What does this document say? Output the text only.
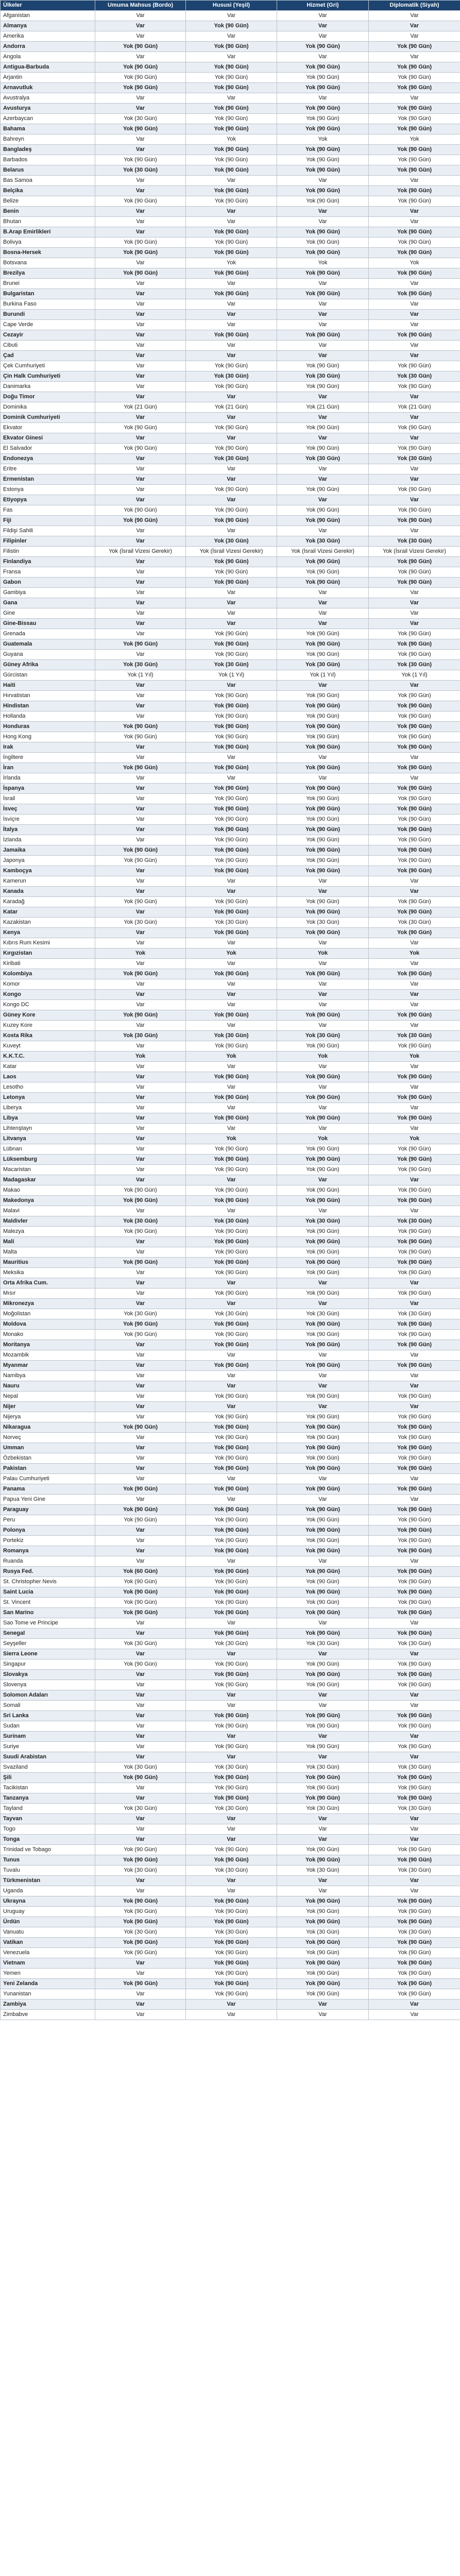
Ülkeler	Umuma Mahsus (Bordo)	Hususi (Yeşil)	Hizmet (Gri)	Diplomatik (Siyah)
Afganistan	Var	Var	Var	Var
Almanya	Var	Yok (90 Gün)	Var	Var
Amerika	Var	Var	Var	Var
Andorra	Yok (90 Gün)	Yok (90 Gün)	Yok (90 Gün)	Yok (90 Gün)
Angola	Var	Var	Var	Var
Antigua-Barbuda	Yok (90 Gün)	Yok (90 Gün)	Yok (90 Gün)	Yok (90 Gün)
Arjantin	Yok (90 Gün)	Yok (90 Gün)	Yok (90 Gün)	Yok (90 Gün)
Arnavutluk	Yok (90 Gün)	Yok (90 Gün)	Yok (90 Gün)	Yok (90 Gün)
Avustralya	Var	Var	Var	Var
Avusturya	Var	Yok (90 Gün)	Yok (90 Gün)	Yok (90 Gün)
Azerbaycan	Yok (30 Gün)	Yok (90 Gün)	Yok (90 Gün)	Yok (90 Gün)
Bahama	Yok (90 Gün)	Yok (90 Gün)	Yok (90 Gün)	Yok (90 Gün)
Bahreyn	Var	Yok	Yok	Yok
Bangladeş	Var	Yok (90 Gün)	Yok (90 Gün)	Yok (90 Gün)
Barbados	Yok (90 Gün)	Yok (90 Gün)	Yok (90 Gün)	Yok (90 Gün)
Belarus	Yok (30 Gün)	Yok (90 Gün)	Yok (90 Gün)	Yok (90 Gün)
Bas Samoa	Var	Var	Var	Var
Belçika	Var	Yok (90 Gün)	Yok (90 Gün)	Yok (90 Gün)
Belize	Yok (90 Gün)	Yok (90 Gün)	Yok (90 Gün)	Yok (90 Gün)
Benin	Var	Var	Var	Var
Bhutan	Var	Var	Var	Var
B.Arap Emirlikleri	Var	Yok (90 Gün)	Yok (90 Gün)	Yok (90 Gün)
Bolivya	Yok (90 Gün)	Yok (90 Gün)	Yok (90 Gün)	Yok (90 Gün)
Bosna-Hersek	Yok (90 Gün)	Yok (90 Gün)	Yok (90 Gün)	Yok (90 Gün)
Botsvana	Var	Yok	Yok	Yok
Brezilya	Yok (90 Gün)	Yok (90 Gün)	Yok (90 Gün)	Yok (90 Gün)
Brunei	Var	Var	Var	Var
Bulgaristan	Var	Yok (90 Gün)	Yok (90 Gün)	Yok (90 Gün)
Burkina Faso	Var	Var	Var	Var
Burundi	Var	Var	Var	Var
Cape Verde	Var	Var	Var	Var
Cezayir	Var	Yok (90 Gün)	Yok (90 Gün)	Yok (90 Gün)
Cibuti	Var	Var	Var	Var
Çad	Var	Var	Var	Var
Çek Cumhuriyeti	Var	Yok (90 Gün)	Yok (90 Gün)	Yok (90 Gün)
Çin Halk Cumhuriyeti	Var	Yok (30 Gün)	Yok (30 Gün)	Yok (30 Gün)
Danimarka	Var	Yok (90 Gün)	Yok (90 Gün)	Yok (90 Gün)
Doğu Timor	Var	Var	Var	Var
Dominika	Yok (21 Gün)	Yok (21 Gün)	Yok (21 Gün)	Yok (21 Gün)
Dominik Cumhuriyeti	Var	Var	Var	Var
Ekvator	Yok (90 Gün)	Yok (90 Gün)	Yok (90 Gün)	Yok (90 Gün)
Ekvator Ginesi	Var	Var	Var	Var
El Salvador	Yok (90 Gün)	Yok (90 Gün)	Yok (90 Gün)	Yok (90 Gün)
Endonezya	Var	Yok (30 Gün)	Yok (30 Gün)	Yok (30 Gün)
Eritre	Var	Var	Var	Var
Ermenistan	Var	Var	Var	Var
Estonya	Var	Yok (90 Gün)	Yok (90 Gün)	Yok (90 Gün)
Etiyopya	Var	Var	Var	Var
Fas	Yok (90 Gün)	Yok (90 Gün)	Yok (90 Gün)	Yok (90 Gün)
Fiji	Yok (90 Gün)	Yok (90 Gün)	Yok (90 Gün)	Yok (90 Gün)
Fildişi Sahili	Var	Var	Var	Var
Filipinler	Var	Yok (30 Gün)	Yok (30 Gün)	Yok (30 Gün)
Filistin	Yok (İsrail Vizesi Gerekir)	Yok (İsrail Vizesi Gerekir)	Yok (İsrail Vizesi Gerekir)	Yok (İsrail Vizesi Gerekir)
Finlandiya	Var	Yok (90 Gün)	Yok (90 Gün)	Yok (90 Gün)
Fransa	Var	Yok (90 Gün)	Yok (90 Gün)	Yok (90 Gün)
Gabon	Var	Yok (90 Gün)	Yok (90 Gün)	Yok (90 Gün)
Gambiya	Var	Var	Var	Var
Gana	Var	Var	Var	Var
Gine	Var	Var	Var	Var
Gine-Bissau	Var	Var	Var	Var
Grenada	Var	Yok (90 Gün)	Yok (90 Gün)	Yok (90 Gün)
Guatemala	Yok (90 Gün)	Yok (90 Gün)	Yok (90 Gün)	Yok (90 Gün)
Guyana	Var	Yok (90 Gün)	Yok (90 Gün)	Yok (90 Gün)
Güney Afrika	Yok (30 Gün)	Yok (30 Gün)	Yok (30 Gün)	Yok (30 Gün)
Gürcistan	Yok (1 Yıl)	Yok (1 Yıl)	Yok (1 Yıl)	Yok (1 Yıl)
Haiti	Var	Var	Var	Var
Hırvatistan	Var	Yok (90 Gün)	Yok (90 Gün)	Yok (90 Gün)
Hindistan	Var	Yok (90 Gün)	Yok (90 Gün)	Yok (90 Gün)
Hollanda	Var	Yok (90 Gün)	Yok (90 Gün)	Yok (90 Gün)
Honduras	Yok (90 Gün)	Yok (90 Gün)	Yok (90 Gün)	Yok (90 Gün)
Hong Kong	Yok (90 Gün)	Yok (90 Gün)	Yok (90 Gün)	Yok (90 Gün)
Irak	Var	Yok (90 Gün)	Yok (90 Gün)	Yok (90 Gün)
İngiltere	Var	Var	Var	Var
İran	Yok (90 Gün)	Yok (90 Gün)	Yok (90 Gün)	Yok (90 Gün)
İrlanda	Var	Var	Var	Var
İspanya	Var	Yok (90 Gün)	Yok (90 Gün)	Yok (90 Gün)
İsrail	Var	Yok (90 Gün)	Yok (90 Gün)	Yok (90 Gün)
İsveç	Var	Yok (90 Gün)	Yok (90 Gün)	Yok (90 Gün)
İsviçre	Var	Yok (90 Gün)	Yok (90 Gün)	Yok (90 Gün)
İtalya	Var	Yok (90 Gün)	Yok (90 Gün)	Yok (90 Gün)
İzlanda	Var	Yok (90 Gün)	Yok (90 Gün)	Yok (90 Gün)
Jamaika	Yok (90 Gün)	Yok (90 Gün)	Yok (90 Gün)	Yok (90 Gün)
Japonya	Yok (90 Gün)	Yok (90 Gün)	Yok (90 Gün)	Yok (90 Gün)
Kamboçya	Var	Yok (90 Gün)	Yok (90 Gün)	Yok (90 Gün)
Kamerun	Var	Var	Var	Var
Kanada	Var	Var	Var	Var
Karadağ	Yok (90 Gün)	Yok (90 Gün)	Yok (90 Gün)	Yok (90 Gün)
Katar	Var	Yok (90 Gün)	Yok (90 Gün)	Yok (90 Gün)
Kazakistan	Yok (30 Gün)	Yok (30 Gün)	Yok (30 Gün)	Yok (30 Gün)
Kenya	Var	Yok (90 Gün)	Yok (90 Gün)	Yok (90 Gün)
Kıbrıs Rum Kesimi	Var	Var	Var	Var
Kırgızistan	Yok	Yok	Yok	Yok
Kiribati	Var	Var	Var	Var
Kolombiya	Yok (90 Gün)	Yok (90 Gün)	Yok (90 Gün)	Yok (90 Gün)
Komor	Var	Var	Var	Var
Kongo	Var	Var	Var	Var
Kongo DC	Var	Var	Var	Var
Güney Kore	Yok (90 Gün)	Yok (90 Gün)	Yok (90 Gün)	Yok (90 Gün)
Kuzey Kore	Var	Var	Var	Var
Kosta Rika	Yok (30 Gün)	Yok (30 Gün)	Yok (30 Gün)	Yok (30 Gün)
Kuveyt	Var	Yok (90 Gün)	Yok (90 Gün)	Yok (90 Gün)
K.K.T.C.	Yok	Yok	Yok	Yok
Katar	Var	Var	Var	Var
Laos	Var	Yok (90 Gün)	Yok (90 Gün)	Yok (90 Gün)
Lesotho	Var	Var	Var	Var
Letonya	Var	Yok (90 Gün)	Yok (90 Gün)	Yok (90 Gün)
Liberya	Var	Var	Var	Var
Libya	Var	Yok (90 Gün)	Yok (90 Gün)	Yok (90 Gün)
Lihtenştayn	Var	Var	Var	Var
Litvanya	Var	Yok	Yok	Yok
Lübnan	Var	Yok (90 Gün)	Yok (90 Gün)	Yok (90 Gün)
Lüksemburg	Var	Yok (90 Gün)	Yok (90 Gün)	Yok (90 Gün)
Macaristan	Var	Yok (90 Gün)	Yok (90 Gün)	Yok (90 Gün)
Madagaskar	Var	Var	Var	Var
Makao	Yok (90 Gün)	Yok (90 Gün)	Yok (90 Gün)	Yok (90 Gün)
Makedonya	Yok (90 Gün)	Yok (90 Gün)	Yok (90 Gün)	Yok (90 Gün)
Malavi	Var	Var	Var	Var
Maldivler	Yok (30 Gün)	Yok (30 Gün)	Yok (30 Gün)	Yok (30 Gün)
Malezya	Yok (90 Gün)	Yok (90 Gün)	Yok (90 Gün)	Yok (90 Gün)
Mali	Var	Yok (90 Gün)	Yok (90 Gün)	Yok (90 Gün)
Malta	Var	Yok (90 Gün)	Yok (90 Gün)	Yok (90 Gün)
Mauritius	Yok (90 Gün)	Yok (90 Gün)	Yok (90 Gün)	Yok (90 Gün)
Meksika	Var	Yok (90 Gün)	Yok (90 Gün)	Yok (90 Gün)
Orta Afrika Cum.	Var	Var	Var	Var
Mısır	Var	Yok (90 Gün)	Yok (90 Gün)	Yok (90 Gün)
Mikronezya	Var	Var	Var	Var
Moğolistan	Yok (30 Gün)	Yok (30 Gün)	Yok (30 Gün)	Yok (30 Gün)
Moldova	Yok (90 Gün)	Yok (90 Gün)	Yok (90 Gün)	Yok (90 Gün)
Monako	Yok (90 Gün)	Yok (90 Gün)	Yok (90 Gün)	Yok (90 Gün)
Moritanya	Var	Yok (90 Gün)	Yok (90 Gün)	Yok (90 Gün)
Mozambik	Var	Var	Var	Var
Myanmar	Var	Yok (90 Gün)	Yok (90 Gün)	Yok (90 Gün)
Namibya	Var	Var	Var	Var
Nauru	Var	Var	Var	Var
Nepal	Var	Yok (90 Gün)	Yok (90 Gün)	Yok (90 Gün)
Nijer	Var	Var	Var	Var
Nijerya	Var	Yok (90 Gün)	Yok (90 Gün)	Yok (90 Gün)
Nikaragua	Yok (90 Gün)	Yok (90 Gün)	Yok (90 Gün)	Yok (90 Gün)
Norveç	Var	Yok (90 Gün)	Yok (90 Gün)	Yok (90 Gün)
Umman	Var	Yok (90 Gün)	Yok (90 Gün)	Yok (90 Gün)
Özbekistan	Var	Yok (90 Gün)	Yok (90 Gün)	Yok (90 Gün)
Pakistan	Var	Yok (90 Gün)	Yok (90 Gün)	Yok (90 Gün)
Palau Cumhuriyeti	Var	Var	Var	Var
Panama	Yok (90 Gün)	Yok (90 Gün)	Yok (90 Gün)	Yok (90 Gün)
Papua Yeni Gine	Var	Var	Var	Var
Paraguay	Yok (90 Gün)	Yok (90 Gün)	Yok (90 Gün)	Yok (90 Gün)
Peru	Yok (90 Gün)	Yok (90 Gün)	Yok (90 Gün)	Yok (90 Gün)
Polonya	Var	Yok (90 Gün)	Yok (90 Gün)	Yok (90 Gün)
Portekiz	Var	Yok (90 Gün)	Yok (90 Gün)	Yok (90 Gün)
Romanya	Var	Yok (90 Gün)	Yok (90 Gün)	Yok (90 Gün)
Ruanda	Var	Var	Var	Var
Rusya Fed.	Yok (60 Gün)	Yok (90 Gün)	Yok (90 Gün)	Yok (90 Gün)
St. Christopher Nevis	Yok (90 Gün)	Yok (90 Gün)	Yok (90 Gün)	Yok (90 Gün)
Saint Lucia	Yok (90 Gün)	Yok (90 Gün)	Yok (90 Gün)	Yok (90 Gün)
St. Vincent	Yok (90 Gün)	Yok (90 Gün)	Yok (90 Gün)	Yok (90 Gün)
San Marino	Yok (90 Gün)	Yok (90 Gün)	Yok (90 Gün)	Yok (90 Gün)
Sao Tome ve Principe	Var	Var	Var	Var
Senegal	Var	Yok (90 Gün)	Yok (90 Gün)	Yok (90 Gün)
Seyşeller	Yok (30 Gün)	Yok (30 Gün)	Yok (30 Gün)	Yok (30 Gün)
Sierra Leone	Var	Var	Var	Var
Singapur	Yok (90 Gün)	Yok (90 Gün)	Yok (90 Gün)	Yok (90 Gün)
Slovakya	Var	Yok (90 Gün)	Yok (90 Gün)	Yok (90 Gün)
Slovenya	Var	Yok (90 Gün)	Yok (90 Gün)	Yok (90 Gün)
Solomon Adaları	Var	Var	Var	Var
Somali	Var	Var	Var	Var
Sri Lanka	Var	Yok (90 Gün)	Yok (90 Gün)	Yok (90 Gün)
Sudan	Var	Yok (90 Gün)	Yok (90 Gün)	Yok (90 Gün)
Surinam	Var	Var	Var	Var
Suriye	Var	Yok (90 Gün)	Yok (90 Gün)	Yok (90 Gün)
Suudi Arabistan	Var	Var	Var	Var
Svaziland	Yok (30 Gün)	Yok (30 Gün)	Yok (30 Gün)	Yok (30 Gün)
Şili	Yok (90 Gün)	Yok (90 Gün)	Yok (90 Gün)	Yok (90 Gün)
Tacikistan	Var	Yok (90 Gün)	Yok (90 Gün)	Yok (90 Gün)
Tanzanya	Var	Yok (90 Gün)	Yok (90 Gün)	Yok (90 Gün)
Tayland	Yok (30 Gün)	Yok (30 Gün)	Yok (30 Gün)	Yok (30 Gün)
Tayvan	Var	Var	Var	Var
Togo	Var	Var	Var	Var
Tonga	Var	Var	Var	Var
Trinidad ve Tobago	Yok (90 Gün)	Yok (90 Gün)	Yok (90 Gün)	Yok (90 Gün)
Tunus	Yok (90 Gün)	Yok (90 Gün)	Yok (90 Gün)	Yok (90 Gün)
Tuvalu	Yok (30 Gün)	Yok (30 Gün)	Yok (30 Gün)	Yok (30 Gün)
Türkmenistan	Var	Var	Var	Var
Uganda	Var	Var	Var	Var
Ukrayna	Yok (90 Gün)	Yok (90 Gün)	Yok (90 Gün)	Yok (90 Gün)
Uruguay	Yok (90 Gün)	Yok (90 Gün)	Yok (90 Gün)	Yok (90 Gün)
Ürdün	Yok (90 Gün)	Yok (90 Gün)	Yok (90 Gün)	Yok (90 Gün)
Vanuatu	Yok (30 Gün)	Yok (30 Gün)	Yok (30 Gün)	Yok (30 Gün)
Vatikan	Yok (90 Gün)	Yok (90 Gün)	Yok (90 Gün)	Yok (90 Gün)
Venezuela	Yok (90 Gün)	Yok (90 Gün)	Yok (90 Gün)	Yok (90 Gün)
Vietnam	Var	Yok (90 Gün)	Yok (90 Gün)	Yok (90 Gün)
Yemen	Var	Yok (90 Gün)	Yok (90 Gün)	Yok (90 Gün)
Yeni Zelanda	Yok (90 Gün)	Yok (90 Gün)	Yok (90 Gün)	Yok (90 Gün)
Yunanistan	Var	Yok (90 Gün)	Yok (90 Gün)	Yok (90 Gün)
Zambiya	Var	Var	Var	Var
Zimbabve	Var	Var	Var	Var
